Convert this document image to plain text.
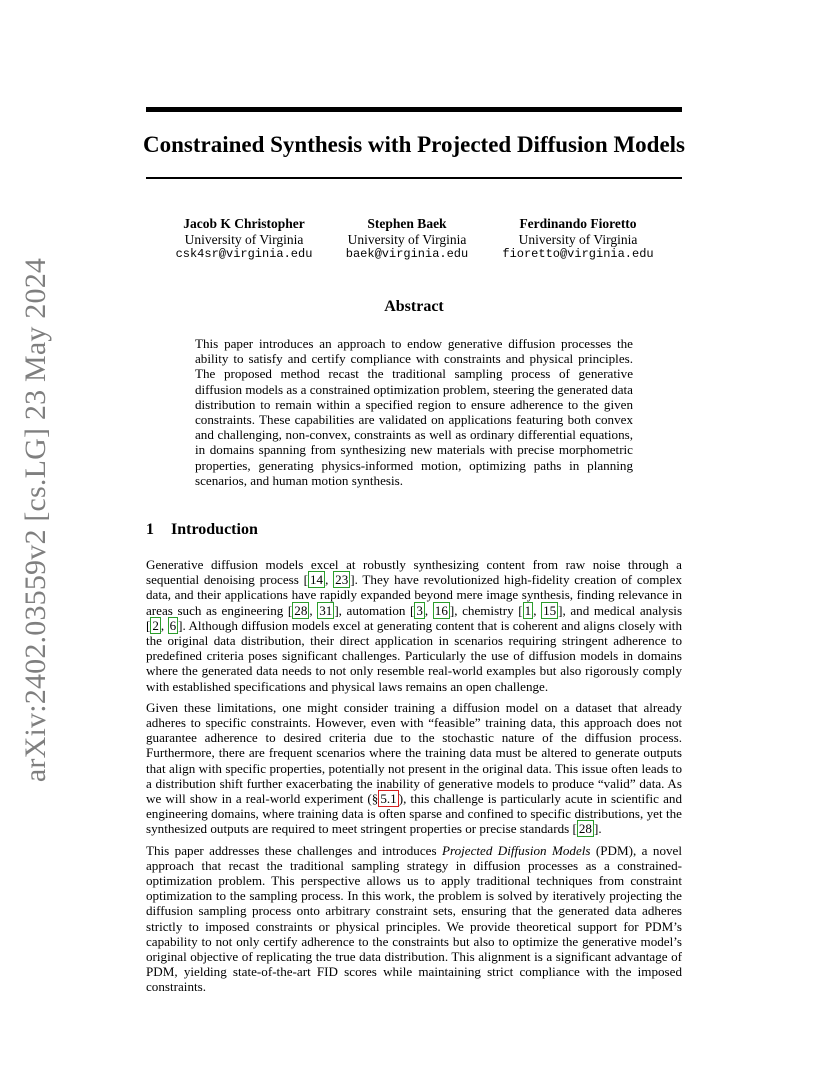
arXiv:2402.03559v2 [cs.LG] 23 May 2024
Constrained Synthesis with Projected Diffusion Models
Jacob K Christopher
University of Virginia
csk4sr@virginia.edu
Stephen Baek
University of Virginia
baek@virginia.edu
Ferdinando Fioretto
University of Virginia
fioretto@virginia.edu
Abstract
This paper introduces an approach to endow generative diffusion processes the ability to satisfy and certify compliance with constraints and physical principles. The proposed method recast the traditional sampling process of generative diffusion models as a constrained optimization problem, steering the generated data distribution to remain within a specified region to ensure adherence to the given constraints. These capabilities are validated on applications featuring both convex and challenging, non-convex, constraints as well as ordinary differential equations, in domains spanning from synthesizing new materials with precise morphometric properties, generating physics-informed motion, optimizing paths in planning scenarios, and human motion synthesis.
1 Introduction

Generative diffusion models excel at robustly synthesizing content from raw noise through a sequential denoising process [ 14 , 23 ]. They have revolutionized high-fidelity creation of complex data, and their applications have rapidly expanded beyond mere image synthesis, finding relevance in areas such as engineering [ 28 , 31 ], automation [ 3 , 16 ], chemistry [ 1 , 15 ], and medical analysis [ 2 , 6 ]. Although diffusion models excel at generating content that is coherent and aligns closely with the original data distribution, their direct application in scenarios requiring stringent adherence to predefined criteria poses significant challenges. Particularly the use of diffusion models in domains where the generated data needs to not only resemble real-world examples but also rigorously comply with established specifications and physical laws remains an open challenge.

Given these limitations, one might consider training a diffusion model on a dataset that already adheres to specific constraints. However, even with “feasible” training data, this approach does not guarantee adherence to desired criteria due to the stochastic nature of the diffusion process. Furthermore, there are frequent scenarios where the training data must be altered to generate outputs that align with specific properties, potentially not present in the original data. This issue often leads to a distribution shift further exacerbating the inability of generative models to produce “valid” data. As we will show in a real-world experiment (§ 5.1 ), this challenge is particularly acute in scientific and engineering domains, where training data is often sparse and confined to specific distributions, yet the synthesized outputs are required to meet stringent properties or precise standards [ 28 ].

This paper addresses these challenges and introduces Projected Diffusion Models (PDM), a novel approach that recast the traditional sampling strategy in diffusion processes as a constrained-optimization problem. This perspective allows us to apply traditional techniques from constraint optimization to the sampling process. In this work, the problem is solved by iteratively projecting the diffusion sampling process onto arbitrary constraint sets, ensuring that the generated data adheres strictly to imposed constraints or physical principles. We provide theoretical support for PDM’s capability to not only certify adherence to the constraints but also to optimize the generative model’s original objective of replicating the true data distribution. This alignment is a significant advantage of PDM, yielding state-of-the-art FID scores while maintaining strict compliance with the imposed constraints.
